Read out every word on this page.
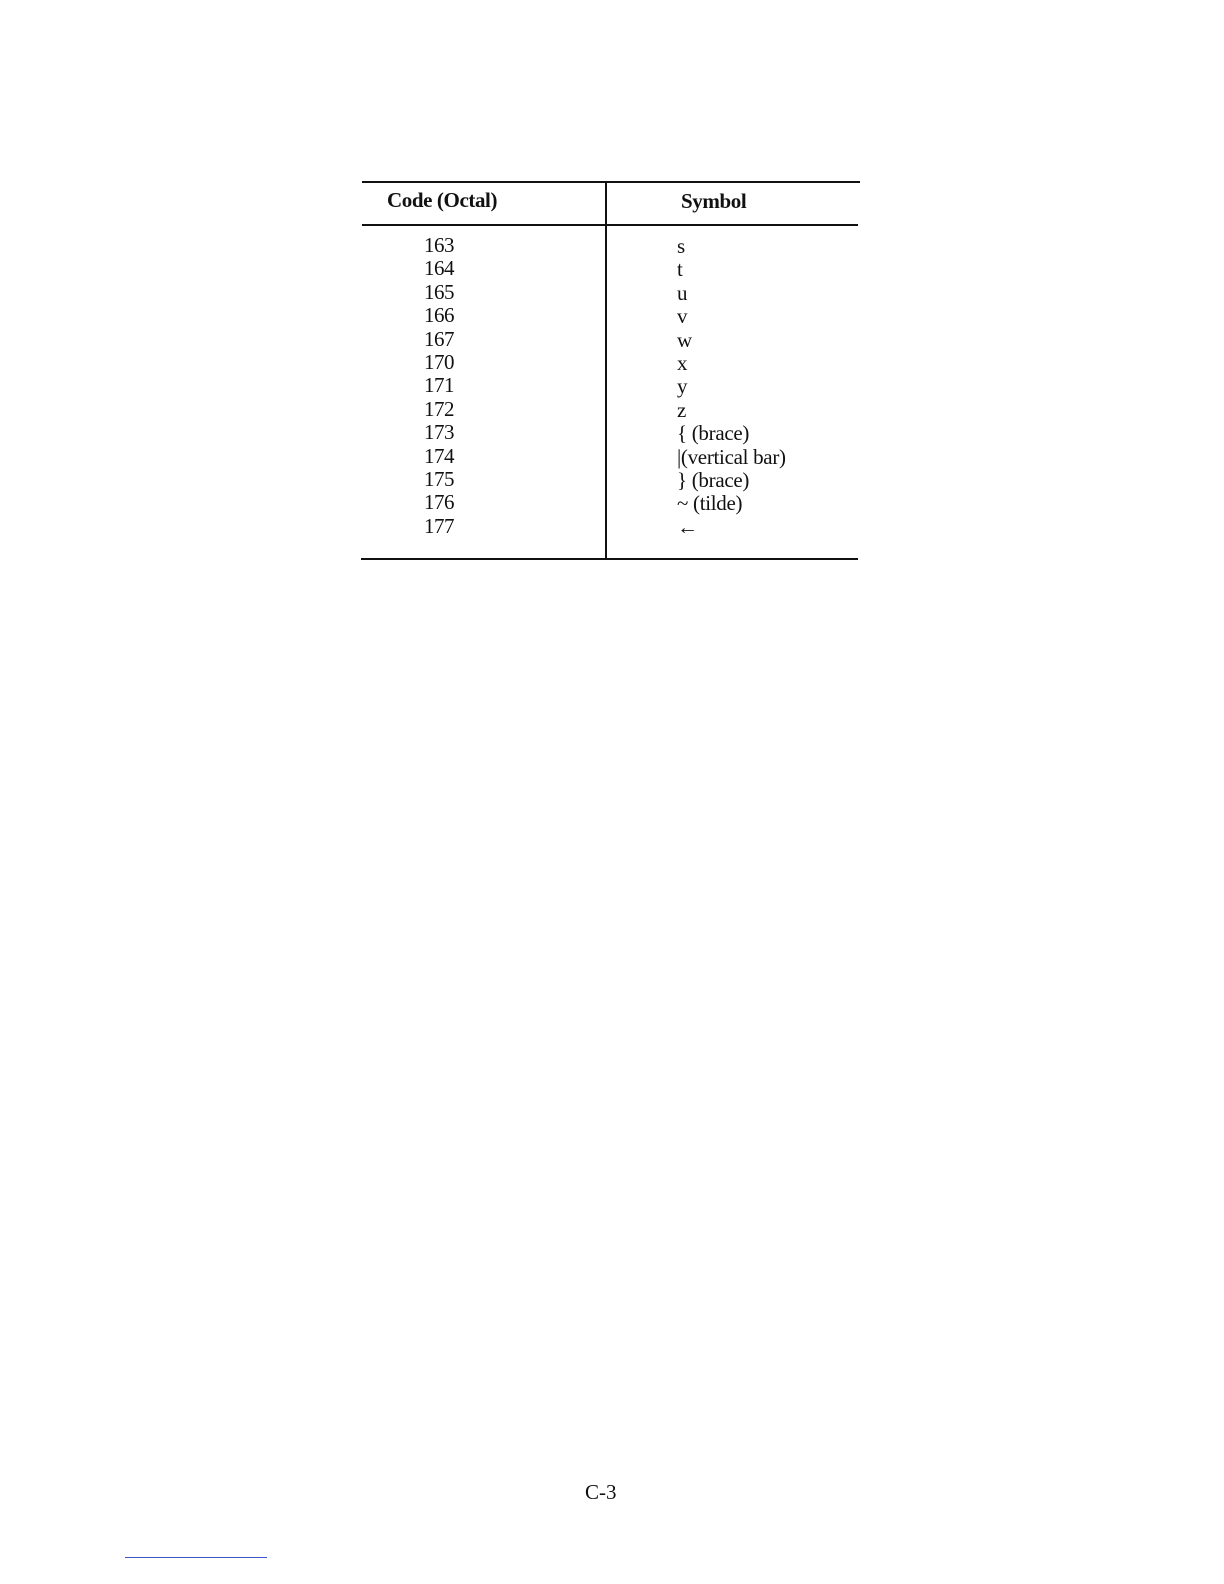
Code (Octal)	Symbol
163	s
164	t
165	u
166	v
167	w
170	x
171	y
172	z
173	{ (brace)
174	|(vertical bar)
175	} (brace)
176	~ (tilde)
177	←
C-3
